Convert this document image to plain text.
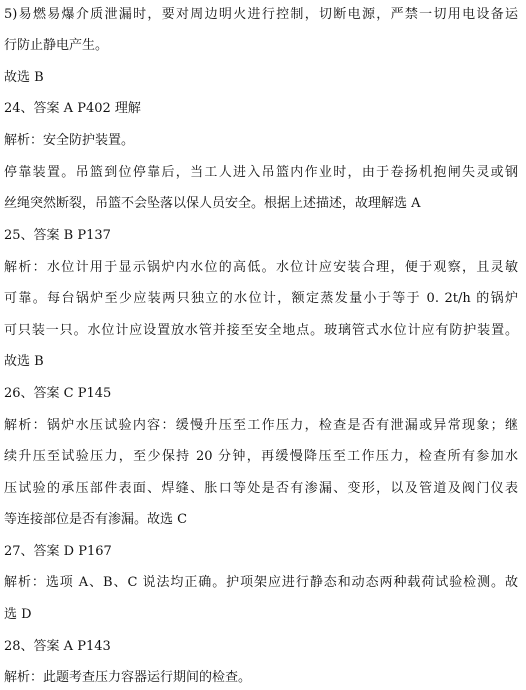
5)易燃易爆介质泄漏时，要对周边明火进行控制，切断电源，严禁一切用电设备运
行防止静电产生。
故选 B
24、答案 A P402 理解
解析：安全防护装置。
停靠装置。吊篮到位停靠后，当工人进入吊篮内作业时，由于卷扬机抱闸失灵或钢
丝绳突然断裂，吊篮不会坠落以保人员安全。根据上述描述，故理解选 A
25、答案 B P137
解析：水位计用于显示锅炉内水位的高低。水位计应安装合理，便于观察，且灵敏
可靠。每台锅炉至少应装两只独立的水位计，额定蒸发量小于等于 0. 2t/h 的锅炉
可只装一只。水位计应设置放水管并接至安全地点。玻璃管式水位计应有防护装置。
故选 B
26、答案 C P145
解析：锅炉水压试验内容：缓慢升压至工作压力，检查是否有泄漏或异常现象；继
续升压至试验压力，至少保持 20 分钟，再缓慢降压至工作压力，检查所有参加水
压试验的承压部件表面、焊缝、胀口等处是否有渗漏、变形，以及管道及阀门仪表
等连接部位是否有渗漏。故选 C
27、答案 D P167
解析：选项 A、B、C 说法均正确。护项架应进行静态和动态两种载荷试验检测。故
选 D
28、答案 A P143
解析：此题考查压力容器运行期间的检查。
